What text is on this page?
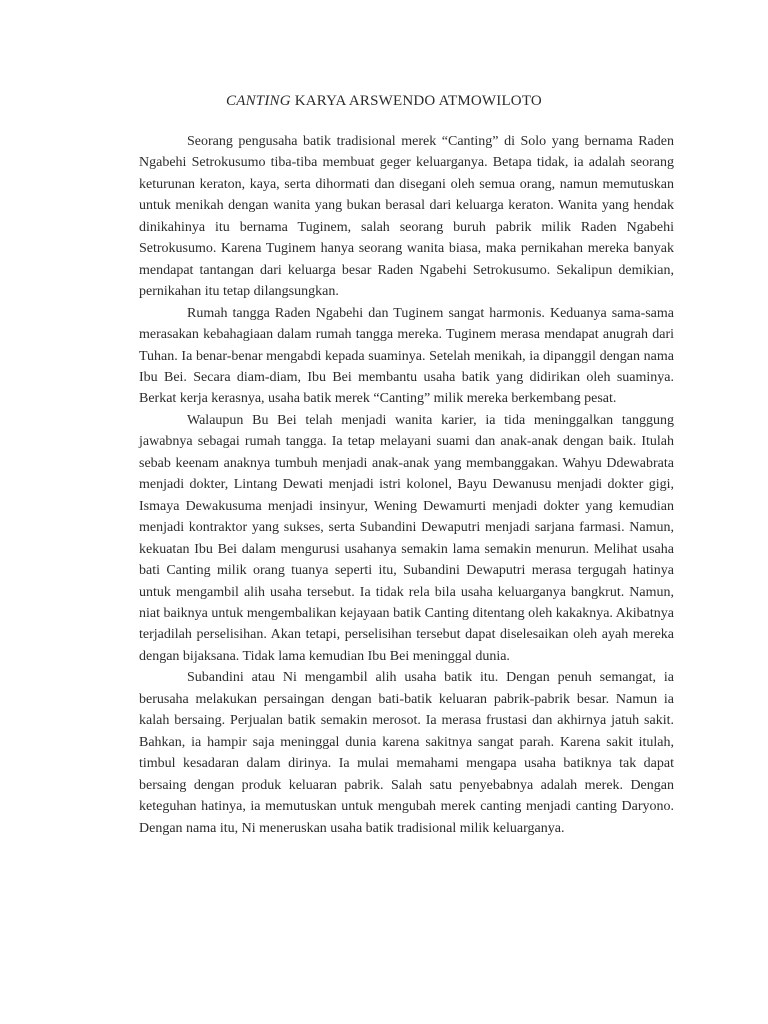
CANTING KARYA ARSWENDO ATMOWILOTO

Seorang pengusaha batik tradisional merek “Canting” di Solo yang bernama Raden Ngabehi Setrokusumo tiba-tiba membuat geger keluarganya. Betapa tidak, ia adalah seorang keturunan keraton, kaya, serta dihormati dan disegani oleh semua orang, namun memutuskan untuk menikah dengan wanita yang bukan berasal dari keluarga keraton. Wanita yang hendak dinikahinya itu bernama Tuginem, salah seorang buruh pabrik milik Raden Ngabehi Setrokusumo. Karena Tuginem hanya seorang wanita biasa, maka pernikahan mereka banyak mendapat tantangan dari keluarga besar Raden Ngabehi Setrokusumo. Sekalipun demikian, pernikahan itu tetap dilangsungkan.

Rumah tangga Raden Ngabehi dan Tuginem sangat harmonis. Keduanya sama-sama merasakan kebahagiaan dalam rumah tangga mereka. Tuginem merasa mendapat anugrah dari Tuhan. Ia benar-benar mengabdi kepada suaminya. Setelah menikah, ia dipanggil dengan nama Ibu Bei. Secara diam-diam, Ibu Bei membantu usaha batik yang didirikan oleh suaminya. Berkat kerja kerasnya, usaha batik merek “Canting” milik mereka berkembang pesat.

Walaupun Bu Bei telah menjadi wanita karier, ia tida meninggalkan tanggung jawabnya sebagai rumah tangga. Ia tetap melayani suami dan anak-anak dengan baik. Itulah sebab keenam anaknya tumbuh menjadi anak-anak yang membanggakan. Wahyu Ddewabrata menjadi dokter, Lintang Dewati menjadi istri kolonel, Bayu Dewanusu menjadi dokter gigi, Ismaya Dewakusuma menjadi insinyur, Wening Dewamurti menjadi dokter yang kemudian menjadi kontraktor yang sukses, serta Subandini Dewaputri menjadi sarjana farmasi. Namun, kekuatan Ibu Bei dalam mengurusi usahanya semakin lama semakin menurun. Melihat usaha bati Canting milik orang tuanya seperti itu, Subandini Dewaputri merasa tergugah hatinya untuk mengambil alih usaha tersebut. Ia tidak rela bila usaha keluarganya bangkrut. Namun, niat baiknya untuk mengembalikan kejayaan batik Canting ditentang oleh kakaknya. Akibatnya terjadilah perselisihan. Akan tetapi, perselisihan tersebut dapat diselesaikan oleh ayah mereka dengan bijaksana. Tidak lama kemudian Ibu Bei meninggal dunia.

Subandini atau Ni mengambil alih usaha batik itu. Dengan penuh semangat, ia berusaha melakukan persaingan dengan bati-batik keluaran pabrik-pabrik besar. Namun ia kalah bersaing. Perjualan batik semakin merosot. Ia merasa frustasi dan akhirnya jatuh sakit. Bahkan, ia hampir saja meninggal dunia karena sakitnya sangat parah. Karena sakit itulah, timbul kesadaran dalam dirinya. Ia mulai memahami mengapa usaha batiknya tak dapat bersaing dengan produk keluaran pabrik. Salah satu penyebabnya adalah merek. Dengan keteguhan hatinya, ia memutuskan untuk mengubah merek canting menjadi canting Daryono. Dengan nama itu, Ni meneruskan usaha batik tradisional milik keluarganya.
